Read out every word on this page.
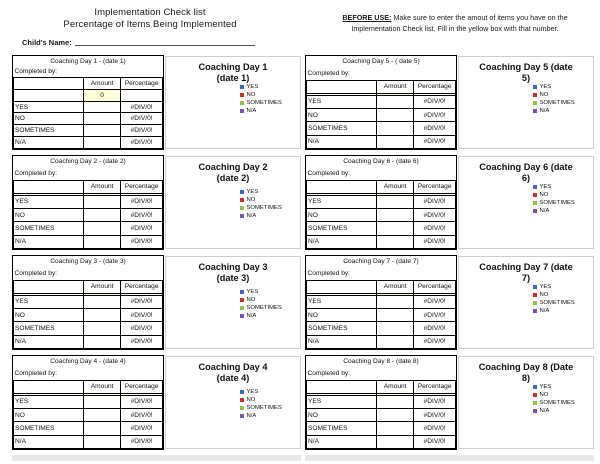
Implementation Check list
Percentage of Items Being Implemented
Child's Name:
BEFORE USE: Make sure to enter the amout of items you have on the
Implementation Check list. Fill in the yellow box with that number.
Coaching Day 1 - (date 1)		
Completed by:		
	Amount	Percentage
	0	
YES		#DIV/0!
NO		#DIV/0!
SOMETIMES		#DIV/0!
N/A		#DIV/0!
Coaching Day 1
(date 1)
YES
NO
SOMETIMES
N/A
Coaching Day 5 - ( date 5)		
Completed by:		
	Amount	Percentage

YES		#DIV/0!
NO		#DIV/0!
SOMETIMES		#DIV/0!
N/A		#DIV/0!
Coaching Day 5 (date
5)
YES
NO
SOMETIMES
N/A
Coaching Day 2 - (date 2)		
Completed by:		
	Amount	Percentage

YES		#DIV/0!
NO		#DIV/0!
SOMETIMES		#DIV/0!
N/A		#DIV/0!
Coaching Day 2
(date 2)
YES
NO
SOMETIMES
N/A
Coaching Day 6 - (date 6)		
Completed by:		
	Amount	Percentage

YES		#DIV/0!
NO		#DIV/0!
SOMETIMES		#DIV/0!
N/A		#DIV/0!
Coaching Day 6 (date
6)
YES
NO
SOMETIMES
N/A
Coaching Day 3 - (date 3)		
Completed by:		
	Amount	Percentage

YES		#DIV/0!
NO		#DIV/0!
SOMETIMES		#DIV/0!
N/A		#DIV/0!
Coaching Day 3
(date 3)
YES
NO
SOMETIMES
N/A
Coaching Day 7 - (date 7)		
Completed by:		
	Amount	Percentage

YES		#DIV/0!
NO		#DIV/0!
SOMETIMES		#DIV/0!
N/A		#DIV/0!
Coaching Day 7 (date
7)
YES
NO
SOMETIMES
N/A
Coaching Day 4 - (date 4)		
Completed by:		
	Amount	Percentage

YES		#DIV/0!
NO		#DIV/0!
SOMETIMES		#DIV/0!
N/A		#DIV/0!
Coaching Day 4
(date 4)
YES
NO
SOMETIMES
N/A
Coaching Day 8 - (date 8)		
Completed by:		
	Amount	Percentage

YES		#DIV/0!
NO		#DIV/0!
SOMETIMES		#DIV/0!
N/A		#DIV/0!
Coaching Day 8 (Date
8)
YES
NO
SOMETIMES
N/A
